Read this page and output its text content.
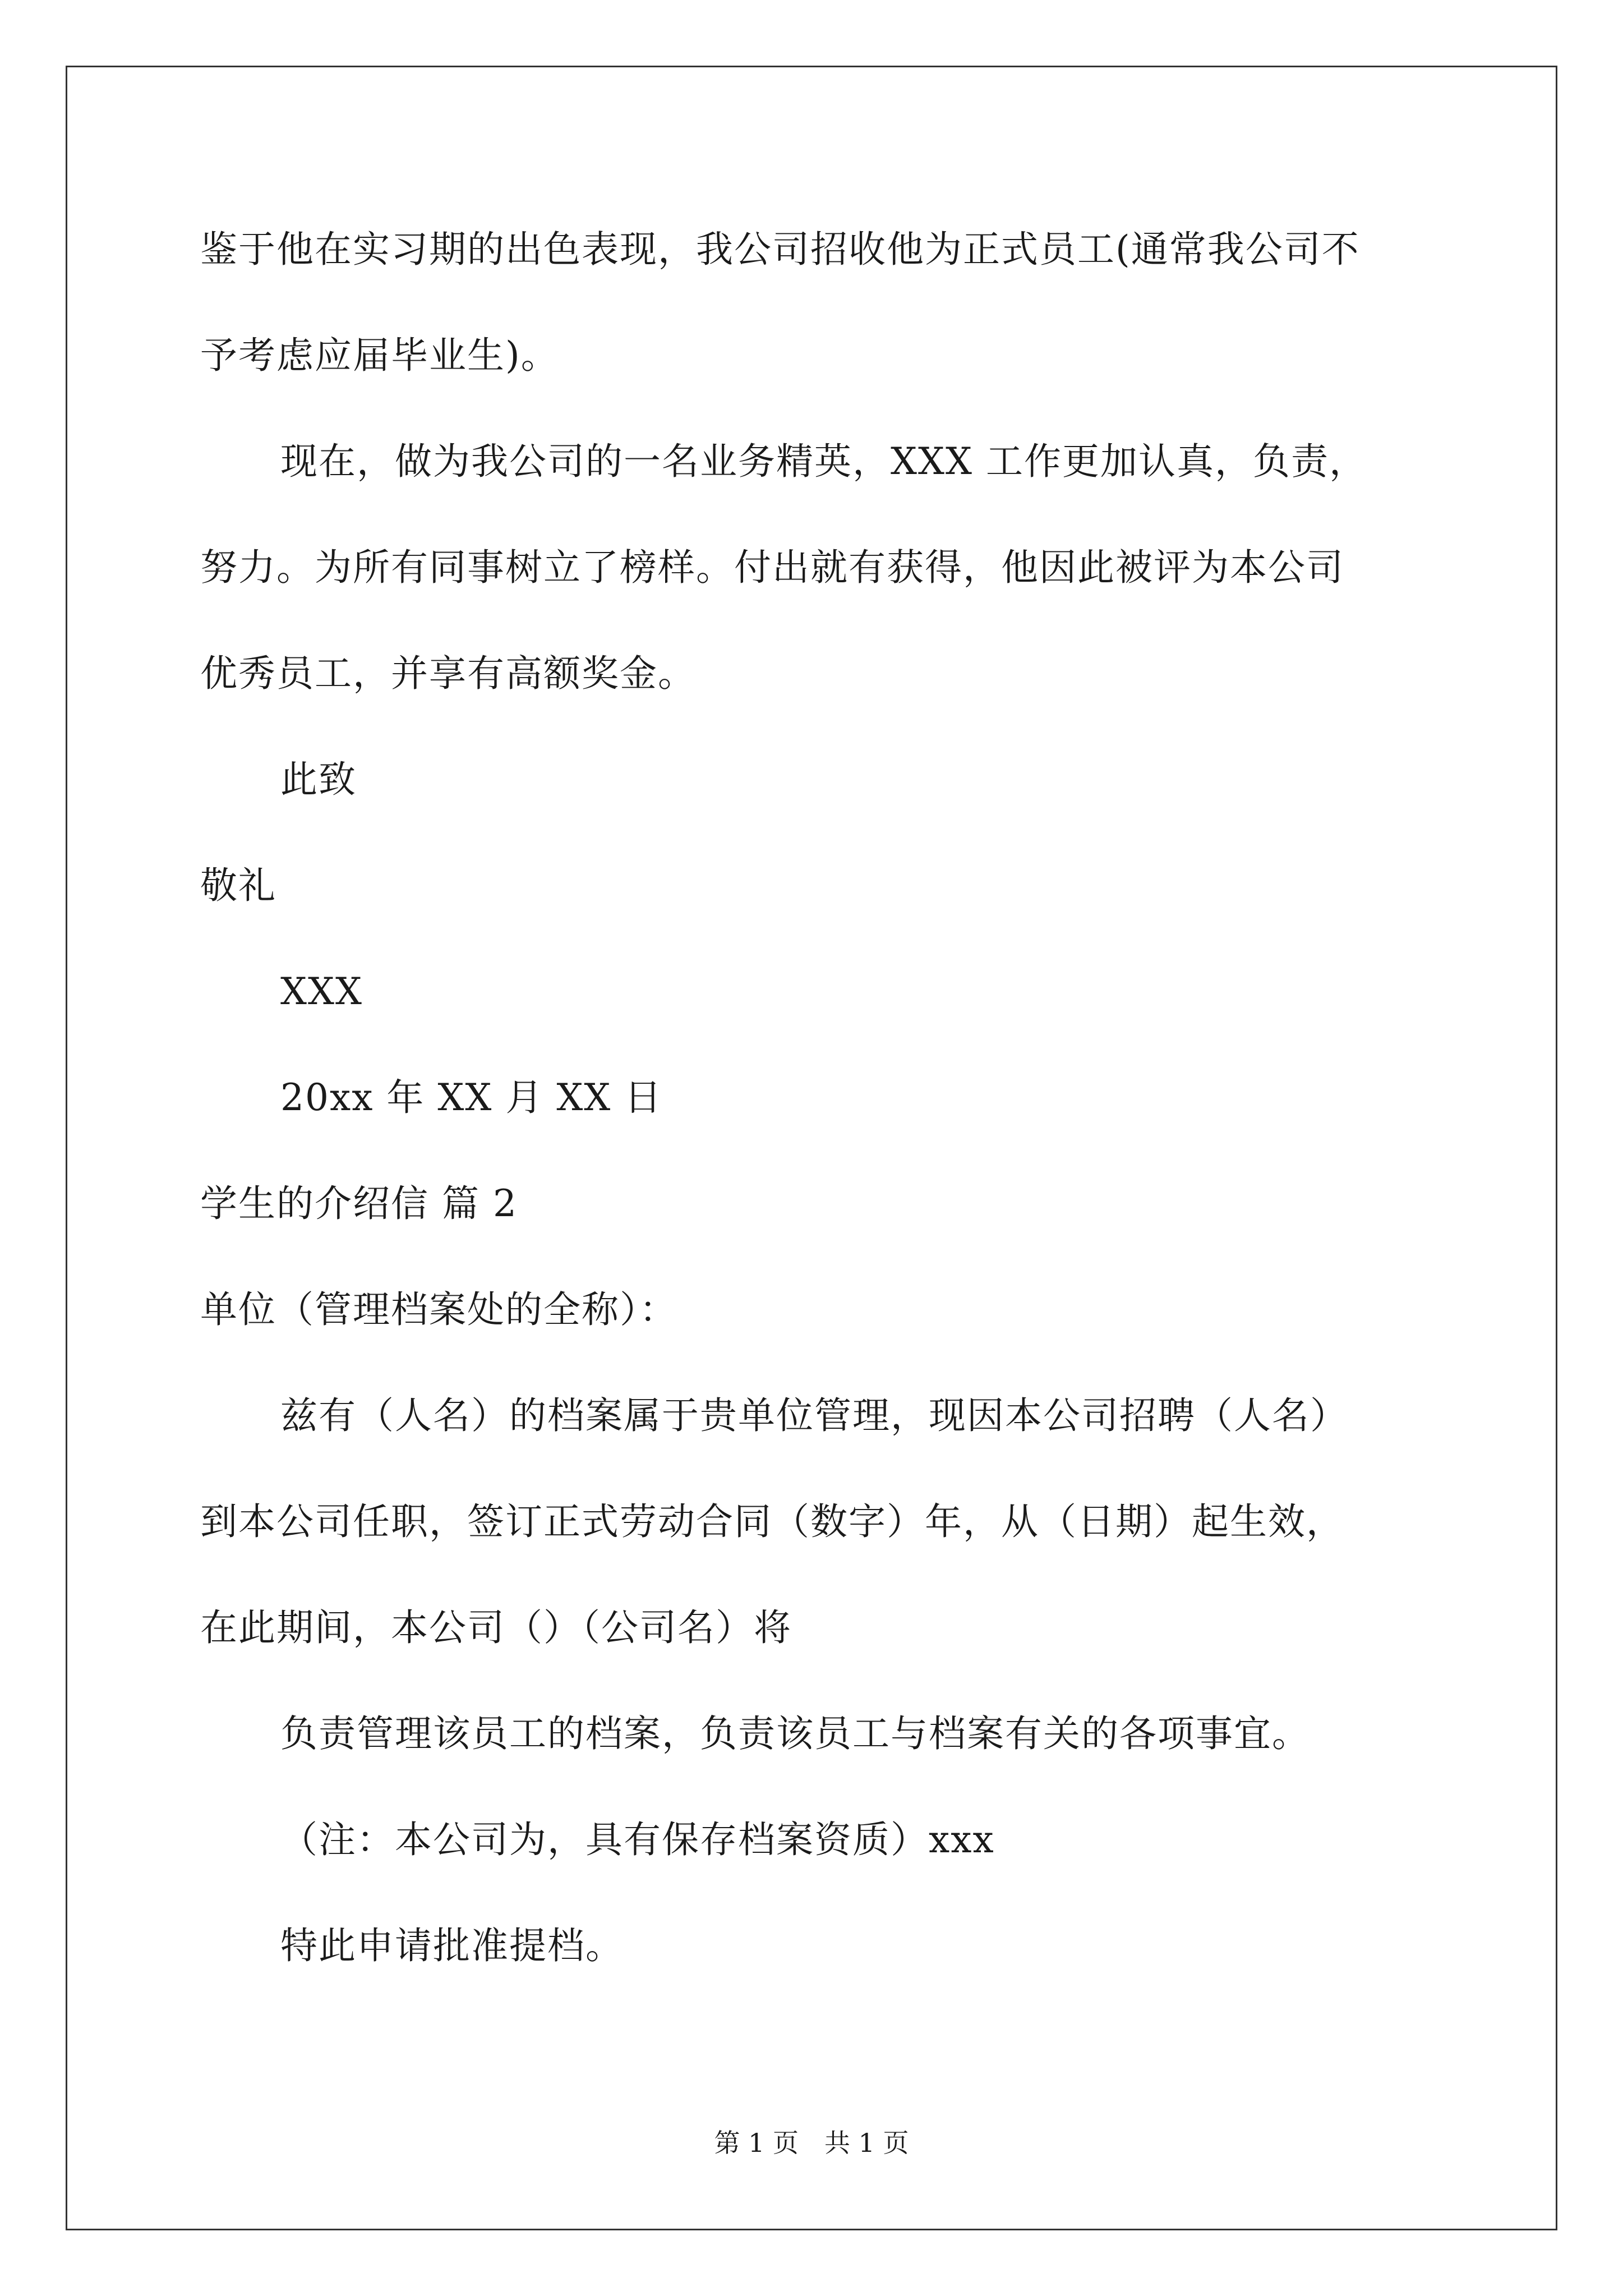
鉴于他在实习期的出色表现，我公司招收他为正式员工(通常我公司不

予考虑应届毕业生)。

现在，做为我公司的一名业务精英，XXX 工作更加认真，负责，

努力。为所有同事树立了榜样。付出就有获得，他因此被评为本公司

优秀员工，并享有高额奖金。

此致

敬礼

XXX

20xx 年 XX 月 XX 日

学生的介绍信 篇 2

单位（管理档案处的全称）：

兹有（人名）的档案属于贵单位管理，现因本公司招聘（人名）

到本公司任职，签订正式劳动合同（数字）年，从（日期）起生效，

在此期间，本公司（）（公司名）将

负责管理该员工的档案，负责该员工与档案有关的各项事宜。

（注：本公司为，具有保存档案资质）xxx

特此申请批准提档。

第 1 页　共 1 页
